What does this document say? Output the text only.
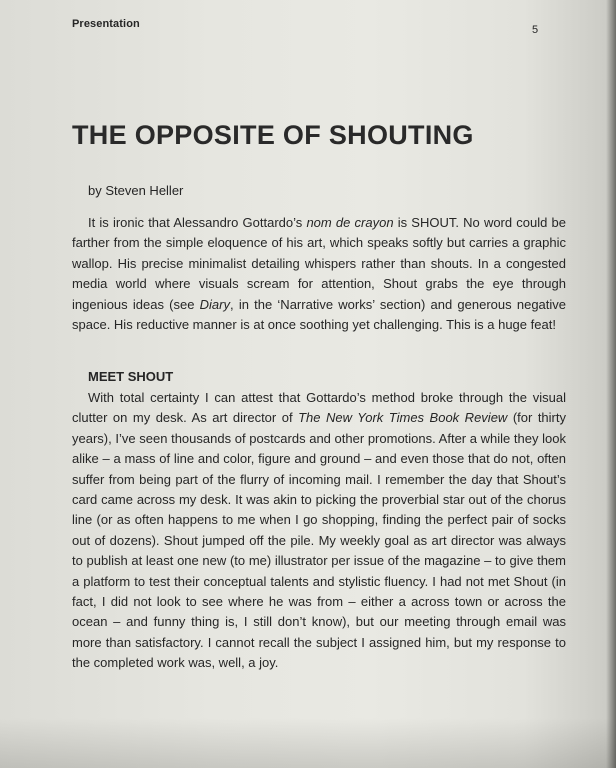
Presentation	5
THE OPPOSITE OF SHOUTING
by Steven Heller

It is ironic that Alessandro Gottardo’s nom de crayon is SHOUT. No word could be farther from the simple eloquence of his art, which speaks softly but carries a graphic wallop. His precise minimalist detailing whispers rather than shouts. In a congested media world where visuals scream for attention, Shout grabs the eye through ingenious ideas (see Diary, in the ‘Narrative works’ section) and generous negative space. His reductive manner is at once soothing yet challenging. This is a huge feat!

MEET SHOUT

With total certainty I can attest that Gottardo’s method broke through the visual clutter on my desk. As art director of The New York Times Book Review (for thirty years), I’ve seen thousands of postcards and other promotions. After a while they look alike – a mass of line and color, figure and ground – and even those that do not, often suffer from being part of the flurry of incoming mail. I remember the day that Shout’s card came across my desk. It was akin to picking the proverbial star out of the chorus line (or as often happens to me when I go shopping, finding the perfect pair of socks out of dozens). Shout jumped off the pile. My weekly goal as art director was always to publish at least one new (to me) illustrator per issue of the magazine – to give them a platform to test their conceptual talents and stylistic fluency. I had not met Shout (in fact, I did not look to see where he was from – either a across town or across the ocean – and funny thing is, I still don’t know), but our meeting through email was more than satisfactory. I cannot recall the subject I assigned him, but my response to the completed work was, well, a joy.
